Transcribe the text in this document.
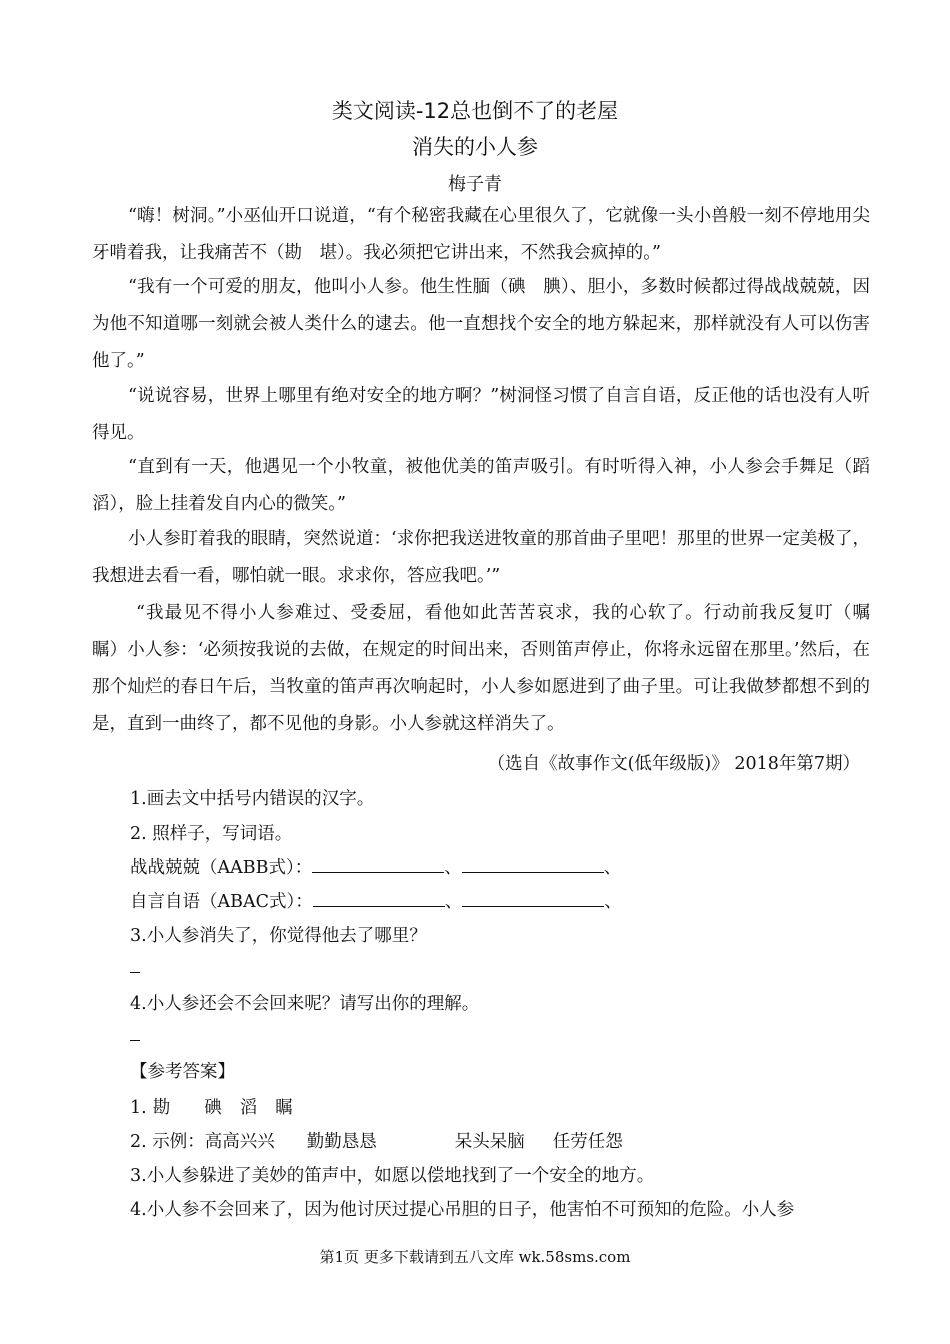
类文阅读-12总也倒不了的老屋
消失的小人参
梅子青

“嗨！树洞。”小巫仙开口说道，“有个秘密我藏在心里很久了，它就像一头小兽般一刻不停地用尖牙啃着我，让我痛苦不（勘　堪）。我必须把它讲出来，不然我会疯掉的。”

“我有一个可爱的朋友，他叫小人参。他生性腼（碘　腆）、胆小，多数时候都过得战战兢兢，因为他不知道哪一刻就会被人类什么的逮去。他一直想找个安全的地方躲起来，那样就没有人可以伤害他了。”

“说说容易，世界上哪里有绝对安全的地方啊？”树洞怪习惯了自言自语，反正他的话也没有人听得见。

“直到有一天，他遇见一个小牧童，被他优美的笛声吸引。有时听得入神，小人参会手舞足（蹈　滔），脸上挂着发自内心的微笑。”

小人参盯着我的眼睛，突然说道：‘求你把我送进牧童的那首曲子里吧！那里的世界一定美极了，我想进去看一看，哪怕就一眼。求求你，答应我吧。’”

“我最见不得小人参难过、受委屈，看他如此苦苦哀求，我的心软了。行动前我反复叮（嘱　瞩）小人参：‘必须按我说的去做，在规定的时间出来，否则笛声停止，你将永远留在那里。’然后，在那个灿烂的春日午后，当牧童的笛声再次响起时，小人参如愿进到了曲子里。可让我做梦都想不到的是，直到一曲终了，都不见他的身影。小人参就这样消失了。

（选自《故事作文(低年级版)》 2018年第7期）
1.画去文中括号内错误的汉字。
2. 照样子，写词语。
战战兢兢（AABB式）：	、	、
自言自语（ABAC式）：	、	、
3.小人参消失了，你觉得他去了哪里？
4.小人参还会不会回来呢？请写出你的理解。
【参考答案】
1. 勘 碘 滔 瞩
2. 示例：高高兴兴 勤勤恳恳	呆头呆脑 任劳任怨
3.小人参躲进了美妙的笛声中，如愿以偿地找到了一个安全的地方。
4.小人参不会回来了，因为他讨厌过提心吊胆的日子，他害怕不可预知的危险。小人参
第1页 更多下载请到五八文库 wk.58sms.com
